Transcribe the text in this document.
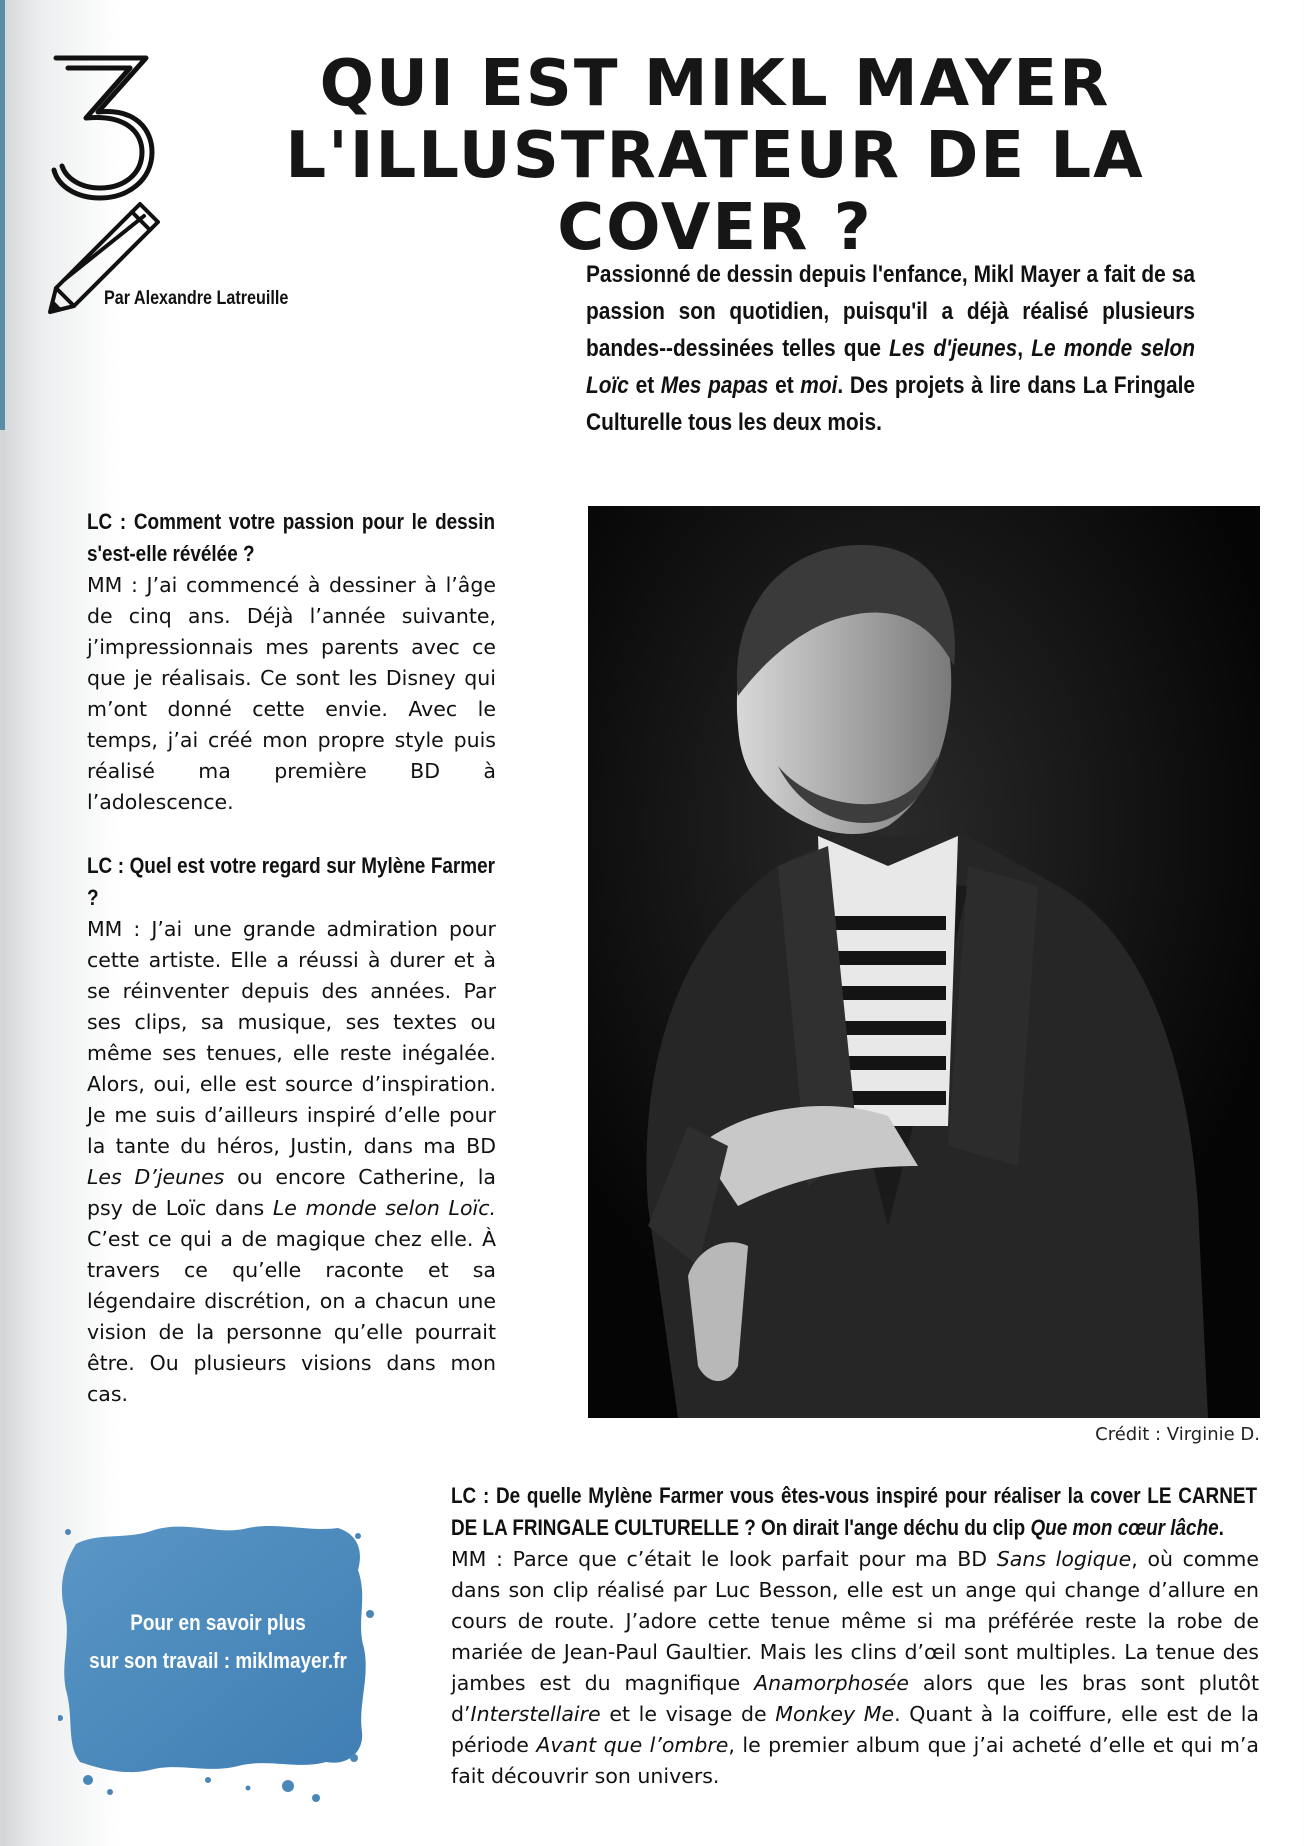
QUI EST MIKL MAYER
L'ILLUSTRATEUR DE LA COVER ?
Par Alexandre Latreuille
Passionné de dessin depuis l'enfance, Mikl Mayer a fait de sa passion son quotidien, puisqu'il a déjà réalisé plusieurs bandes--dessinées telles que Les d'jeunes, Le monde selon Loïc et Mes papas et moi. Des projets à lire dans La Fringale Culturelle tous les deux mois.

LC : Comment votre passion pour le dessin s'est-elle révélée ?

MM : J’ai commencé à dessiner à l’âge de cinq ans. Déjà l’année suivante, j’impressionnais mes parents avec ce que je réalisais. Ce sont les Disney qui m’ont donné cette envie. Avec le temps, j’ai créé mon propre style puis réalisé ma première BD à l’adolescence.

LC : Quel est votre regard sur Mylène Farmer ?

MM : J’ai une grande admiration pour cette artiste. Elle a réussi à durer et à se réinventer depuis des années. Par ses clips, sa musique, ses textes ou même ses tenues, elle reste inégalée. Alors, oui, elle est source d’inspiration. Je me suis d’ailleurs inspiré d’elle pour la tante du héros, Justin, dans ma BD Les D’jeunes ou encore Catherine, la psy de Loïc dans Le monde selon Loïc. C’est ce qui a de magique chez elle. À travers ce qu’elle raconte et sa légendaire discrétion, on a chacun une vision de la personne qu’elle pourrait être. Ou plusieurs visions dans mon cas.

Crédit : Virginie D.

LC : De quelle Mylène Farmer vous êtes-vous inspiré pour réaliser la cover LE CARNET DE LA FRINGALE CULTURELLE ? On dirait l'ange déchu du clip Que mon cœur lâche.

MM : Parce que c’était le look parfait pour ma BD Sans logique, où comme dans son clip réalisé par Luc Besson, elle est un ange qui change d’allure en cours de route. J’adore cette tenue même si ma préférée reste la robe de mariée de Jean-Paul Gaultier. Mais les clins d’œil sont multiples. La tenue des jambes est du magnifique Anamorphosée alors que les bras sont plutôt d’Interstellaire et le visage de Monkey Me. Quant à la coiffure, elle est de la période Avant que l’ombre, le premier album que j’ai acheté d’elle et qui m’a fait découvrir son univers.

Pour en savoir plus
sur son travail : miklmayer.fr
